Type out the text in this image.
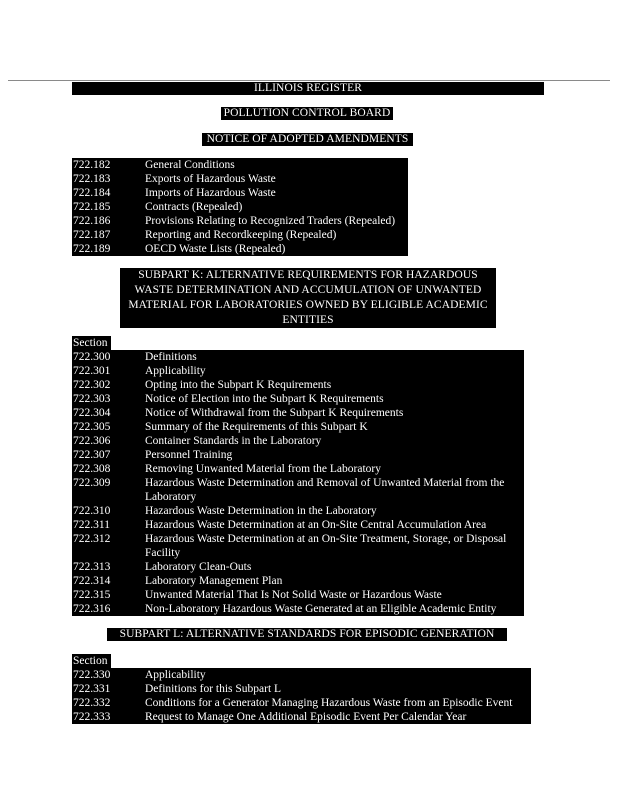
ILLINOIS REGISTER
POLLUTION CONTROL BOARD
NOTICE OF ADOPTED AMENDMENTS
722.182	General Conditions
722.183	Exports of Hazardous Waste
722.184	Imports of Hazardous Waste
722.185	Contracts (Repealed)
722.186	Provisions Relating to Recognized Traders (Repealed)
722.187	Reporting and Recordkeeping (Repealed)
722.189	OECD Waste Lists (Repealed)
SUBPART K: ALTERNATIVE REQUIREMENTS FOR HAZARDOUS WASTE DETERMINATION AND ACCUMULATION OF UNWANTED MATERIAL FOR LABORATORIES OWNED BY ELIGIBLE ACADEMIC ENTITIES
Section
722.300	Definitions
722.301	Applicability
722.302	Opting into the Subpart K Requirements
722.303	Notice of Election into the Subpart K Requirements
722.304	Notice of Withdrawal from the Subpart K Requirements
722.305	Summary of the Requirements of this Subpart K
722.306	Container Standards in the Laboratory
722.307	Personnel Training
722.308	Removing Unwanted Material from the Laboratory
722.309	Hazardous Waste Determination and Removal of Unwanted Material from the Laboratory
722.310	Hazardous Waste Determination in the Laboratory
722.311	Hazardous Waste Determination at an On-Site Central Accumulation Area
722.312	Hazardous Waste Determination at an On-Site Treatment, Storage, or Disposal Facility
722.313	Laboratory Clean-Outs
722.314	Laboratory Management Plan
722.315	Unwanted Material That Is Not Solid Waste or Hazardous Waste
722.316	Non-Laboratory Hazardous Waste Generated at an Eligible Academic Entity
SUBPART L: ALTERNATIVE STANDARDS FOR EPISODIC GENERATION
Section
722.330	Applicability
722.331	Definitions for this Subpart L
722.332	Conditions for a Generator Managing Hazardous Waste from an Episodic Event
722.333	Request to Manage One Additional Episodic Event Per Calendar Year
